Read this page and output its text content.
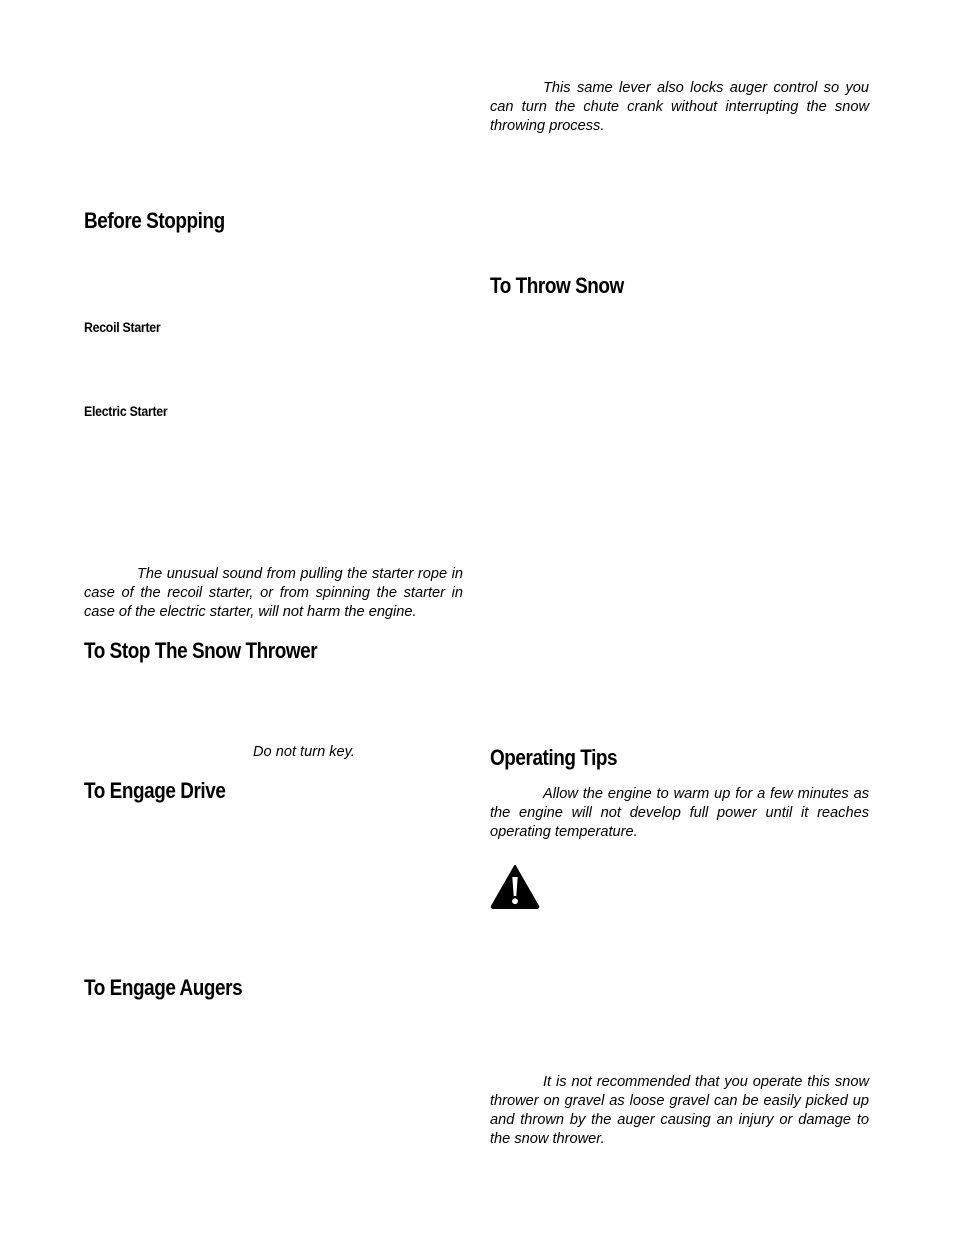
Before Stopping
Recoil Starter
Electric Starter

The unusual sound from pulling the starter rope in case of the recoil starter, or from spinning the starter in case of the electric starter, will not harm the engine.

To Stop The Snow Thrower

Do not turn key.

To Engage Drive
To Engage Augers

This same lever also locks auger control so you can turn the chute crank without interrupting the snow throwing process.

To Throw Snow
Operating Tips

Allow the engine to warm up for a few minutes as the engine will not develop full power until it reaches operating temperature.

It is not recommended that you operate this snow thrower on gravel as loose gravel can be easily picked up and thrown by the auger causing an injury or damage to the snow thrower.
